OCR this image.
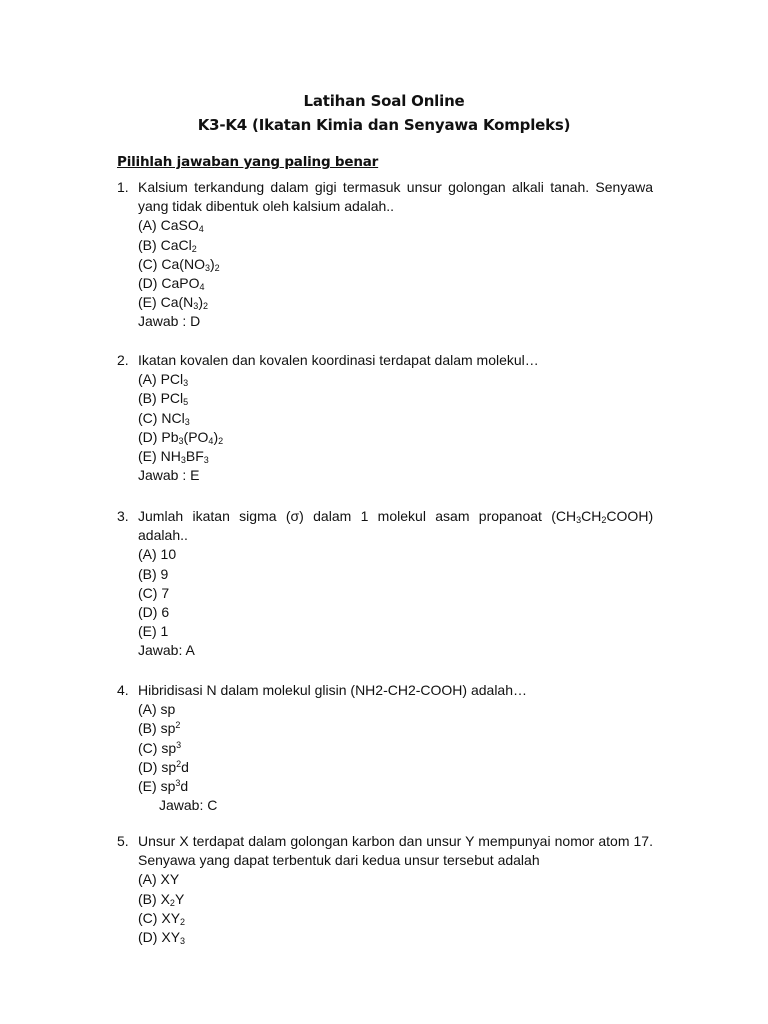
Latihan Soal Online
K3-K4 (Ikatan Kimia dan Senyawa Kompleks)
Pilihlah jawaban yang paling benar
1. Kalsium terkandung dalam gigi termasuk unsur golongan alkali tanah. Senyawa yang tidak dibentuk oleh kalsium adalah..
(A) CaSO$_4$
(B) CaCl$_2$
(C) $Ca(NO_3)_2$
(D) CaPO$_4$
(E) $Ca(N_3)_2$
Jawab : D
2. Ikatan kovalen dan kovalen koordinasi terdapat dalam molekul…
(A) PCl$_3$
(B) PCl$_5$
(C) NCl$_3$
(D) $Pb_3(PO_4)_2$
(E) $NH_3BF_3$
Jawab : E
3. Jumlah ikatan sigma (σ) dalam 1 molekul asam propanoat $(CH_3CH_2COOH)$ adalah..
(A) 10
(B) 9
(C) 7
(D) 6
(E) 1
Jawab: A
4. Hibridisasi N dalam molekul glisin (NH2-CH2-COOH) adalah…
(A) sp
(B) $sp^2$
(C) $sp^3$
(D) $sp^2d$
(E) $sp^3d$
Jawab: C
5. Unsur X terdapat dalam golongan karbon dan unsur Y mempunyai nomor atom 17. Senyawa yang dapat terbentuk dari kedua unsur tersebut adalah
(A) XY
(B) $X_2Y$
(C) $XY_2$
(D) $XY_3$
